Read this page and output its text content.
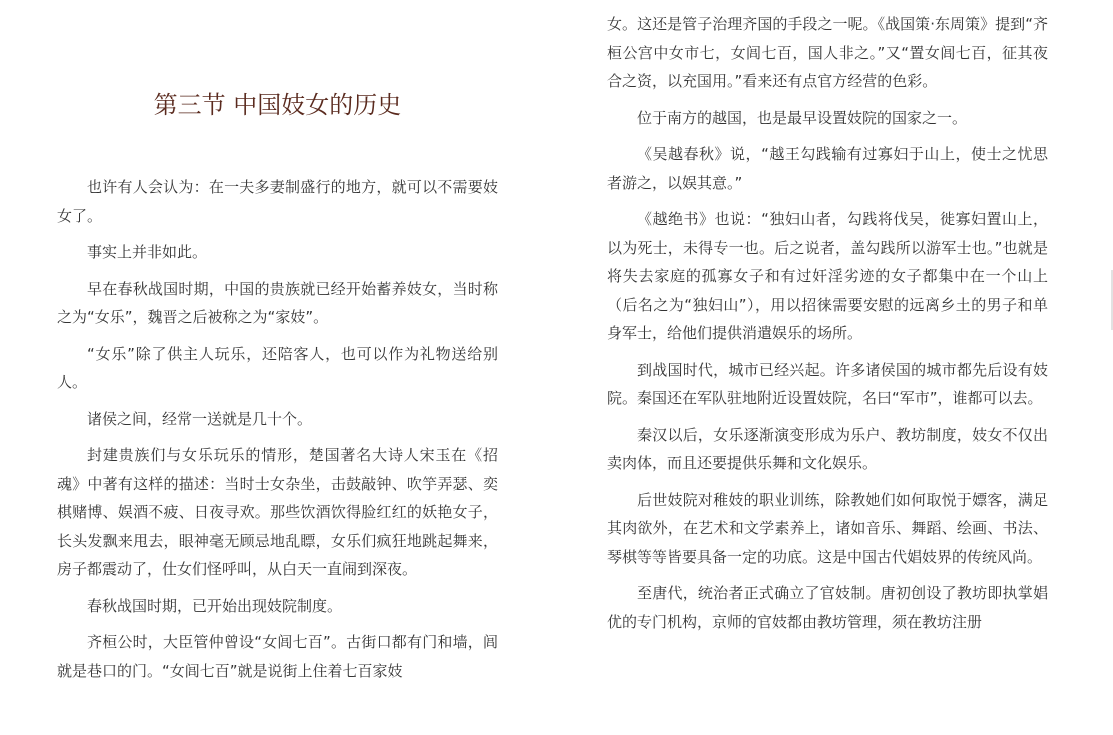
第三节 中国妓女的历史

也许有人会认为：在一夫多妻制盛行的地方，就可以不需要妓女了。

事实上并非如此。

早在春秋战国时期，中国的贵族就已经开始蓄养妓女，当时称之为“女乐”，魏晋之后被称之为“家妓”。

“女乐”除了供主人玩乐，还陪客人，也可以作为礼物送给别人。

诸侯之间，经常一送就是几十个。

封建贵族们与女乐玩乐的情形，楚国著名大诗人宋玉在《招魂》中著有这样的描述：当时士女杂坐，击鼓敲钟、吹竽弄瑟、奕棋赌博、娱酒不疲、日夜寻欢。那些饮酒饮得脸红红的妖艳女子，长头发飘来甩去，眼神毫无顾忌地乱瞟，女乐们疯狂地跳起舞来，房子都震动了，仕女们怪呼叫，从白天一直闹到深夜。

春秋战国时期，已开始出现妓院制度。

齐桓公时，大臣管仲曾设“女闾七百”。古街口都有门和墙，闾就是巷口的门。“女闾七百”就是说街上住着七百家妓

女。这还是管子治理齐国的手段之一呢。《战国策·东周策》提到“齐桓公宫中女市七，女闾七百，国人非之。”又“置女闾七百，征其夜合之资，以充国用。”看来还有点官方经营的色彩。

位于南方的越国，也是最早设置妓院的国家之一。

《吴越春秋》说，“越王勾践输有过寡妇于山上，使士之忧思者游之，以娱其意。”

《越绝书》也说：“独妇山者，勾践将伐吴，徙寡妇置山上，以为死士，未得专一也。后之说者，盖勾践所以游军士也。”也就是将失去家庭的孤寡女子和有过奸淫劣迹的女子都集中在一个山上（后名之为“独妇山”），用以招徕需要安慰的远离乡土的男子和单身军士，给他们提供消遣娱乐的场所。

到战国时代，城市已经兴起。许多诸侯国的城市都先后设有妓院。秦国还在军队驻地附近设置妓院，名曰“军市”，谁都可以去。

秦汉以后，女乐逐渐演变形成为乐户、教坊制度，妓女不仅出卖肉体，而且还要提供乐舞和文化娱乐。

后世妓院对稚妓的职业训练，除教她们如何取悦于嫖客，满足其肉欲外，在艺术和文学素养上，诸如音乐、舞蹈、绘画、书法、琴棋等等皆要具备一定的功底。这是中国古代娼妓界的传统风尚。

至唐代，统治者正式确立了官妓制。唐初创设了教坊即执掌娼优的专门机构，京师的官妓都由教坊管理，须在教坊注册
